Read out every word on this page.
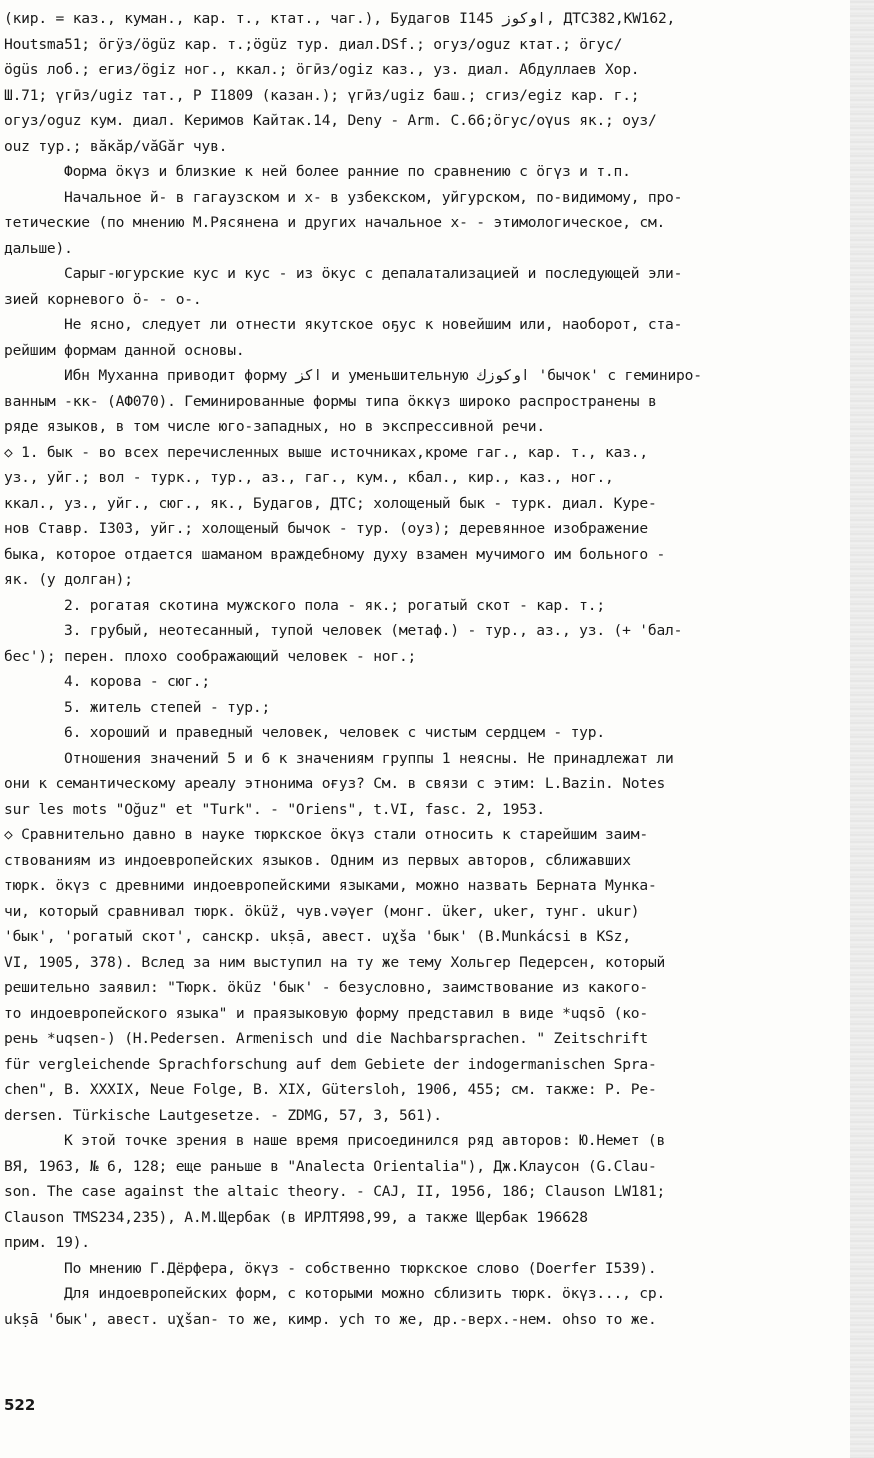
(кир. = каз., куман., кар. т., ктат., чаг.), Будагов I145 ﺍﻭﻛﻮﺯ, ДТС382,KW162,
Houtsma51; ӧгӱз/ögüz кар. т.;ögüz тур. диал.DSf.; огуз/oguz ктат.; ӧгус/
ögüs лоб.; егиз/ögiz ног., ккал.; ӧгӣз/ogiz каз., уз. диал. Абдуллаев Хор.
Ш.71; үгӣз/ugiz тат., Р I1809 (казан.); үгӣз/ugiz баш.; сгиз/egiz кар. г.;
огуз/oguz кум. диал. Керимов Кайтак.14, Deny - Arm. C.66;ӧгус/oγus як.; оуз/
ouz тур.; вӑкӑр/văGăr чув.
Форма ӧкүз и близкие к ней более ранние по сравнению с ӧгүз и т.п.
Начальное й- в гагаузском и х- в узбекском, уйгурском, по-видимому, про-
тетические (по мнению М.Рясянена и других начальное х- - этимологическое, см.
дальше).
Сарыг-югурские кус и кус - из ӧкус с депалатализацией и последующей эли-
зией корневого ӧ- - о-.
Не ясно, следует ли отнести якутское оҕус к новейшим или, наоборот, ста-
рейшим формам данной основы.
Ибн Муханна приводит форму ﺍﻛﺰ и уменьшительную ﺍﻭﻛﻮﺯﻙ 'бычок' с геминиро-
ванным -кк- (АФ070). Геминированные формы типа ӧккүз широко распространены в
ряде языков, в том числе юго-западных, но в экспрессивной речи.
◇ 1. бык - во всех перечисленных выше источниках,кроме гаг., кар. т., каз.,
уз., уйг.; вол - турк., тур., аз., гаг., кум., кбал., кир., каз., ног.,
ккал., уз., уйг., сюг., як., Будагов, ДТС; холощеный бык - турк. диал. Куре-
нов Ставр. I303, уйг.; холощеный бычок - тур. (оуз); деревянное изображение
быка, которое отдается шаманом враждебному духу взамен мучимого им больного -
як. (у долган);
2. рогатая скотина мужского пола - як.; рогатый скот - кар. т.;
3. грубый, неотесанный, тупой человек (метаф.) - тур., аз., уз. (+ 'бал-
бес'); перен. плохо соображающий человек - ног.;
4. корова - сюг.;
5. житель степей - тур.;
6. хороший и праведный человек, человек с чистым сердцем - тур.
Отношения значений 5 и 6 к значениям группы 1 неясны. Не принадлежат ли
они к семантическому ареалу этнонима оғуз? См. в связи с этим: L.Bazin. Notes
sur les mots "Oğuz" et "Turk". - "Oriens", t.VI, fasc. 2, 1953.
◇ Сравнительно давно в науке тюркское ӧкүз стали относить к старейшим заим-
ствованиям из индоевропейских языков. Одним из первых авторов, сближавших
тюрк. ӧкүз с древними индоевропейскими языками, можно назвать Берната Мунка-
чи, который сравнивал тюрк. ökü̈z, чув.vəγer (монг. üker, uker, тунг. ukur)
'бык', 'рогатый скот', санскр. ukṣā, авест. uχša 'бык' (B.Munkácsi в KSz,
VI, 1905, 378). Вслед за ним выступил на ту же тему Хольгер Педерсен, который
решительно заявил: "Тюрк. öküz 'бык' - безусловно, заимствование из какого-
то индоевропейского языка" и праязыковую форму представил в виде *uqsō (ко-
рень *uqsen-) (H.Pedersen. Armenisch und die Nachbarsprachen. " Zeitschrift
für vergleichende Sprachforschung auf dem Gebiete der indogermanischen Spra-
chen", B. XXXIX, Neue Folge, B. XIX, Gütersloh, 1906, 455; см. также: P. Pe-
dersen. Türkische Lautgesetze. - ZDMG, 57, 3, 561).
К этой точке зрения в наше время присоединился ряд авторов: Ю.Немет (в
ВЯ, 1963, № 6, 128; еще раньше в "Analecta Orientalia"), Дж.Клаусон (G.Clau-
son. The case against the altaic theory. - CAJ, II, 1956, 186; Clauson LW181;
Clauson TMS234,235), А.М.Щербак (в ИРЛТЯ98,99, а также Щербак 196628
прим. 19).
По мнению Г.Дёрфера, ӧкүз - собственно тюркское слово (Doerfer I539).
Для индоевропейских форм, с которыми можно сблизить тюрк. ӧкүз..., ср.
ukṣā 'бык', авест. uχšan- то же, кимр. ych то же, др.-верх.-нем. ohso то же.
522
